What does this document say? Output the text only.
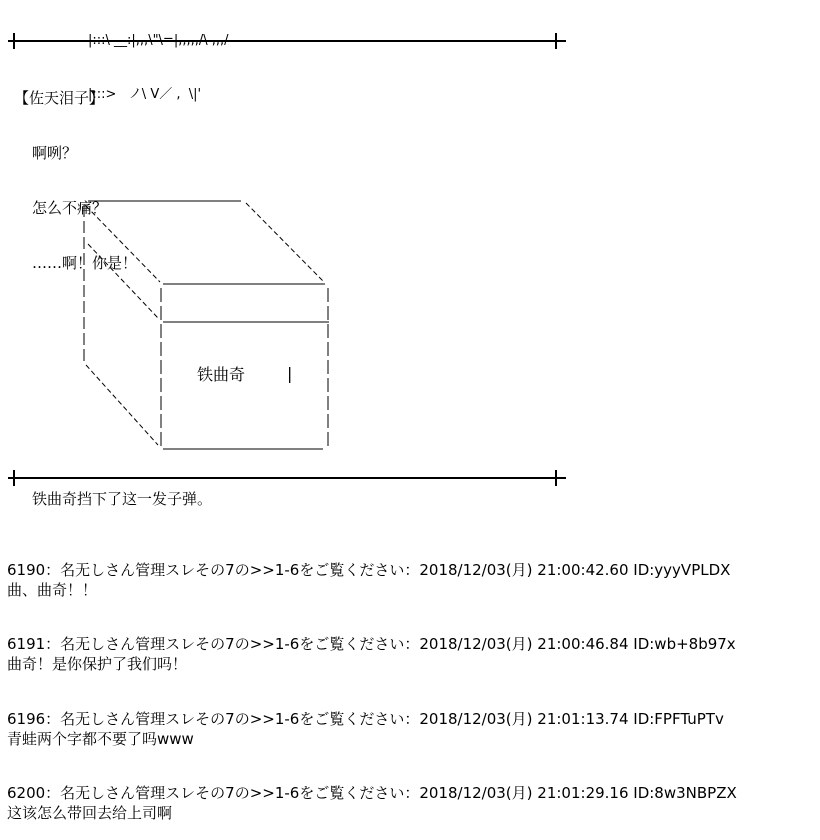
|:::\ __:|,,,\"\=|,,,,,/\ ,,,/

|:::>   ノ\ V／ ,  \|'

【佐天泪子】

啊咧？

怎么不痛？

……啊！你是！

铁曲奇	|
铁曲奇挡下了这一发子弹。
6190：名无しさん管理スレその7の>>1-6をご覧ください：2018/12/03(月) 21:00:42.60 ID:yyyVPLDX
曲、曲奇！！
6191：名无しさん管理スレその7の>>1-6をご覧ください：2018/12/03(月) 21:00:46.84 ID:wb+8b97x
曲奇！是你保护了我们吗！
6196：名无しさん管理スレその7の>>1-6をご覧ください：2018/12/03(月) 21:01:13.74 ID:FPFTuPTv
青蛙两个字都不要了吗www
6200：名无しさん管理スレその7の>>1-6をご覧ください：2018/12/03(月) 21:01:29.16 ID:8w3NBPZX
这该怎么带回去给上司啊
